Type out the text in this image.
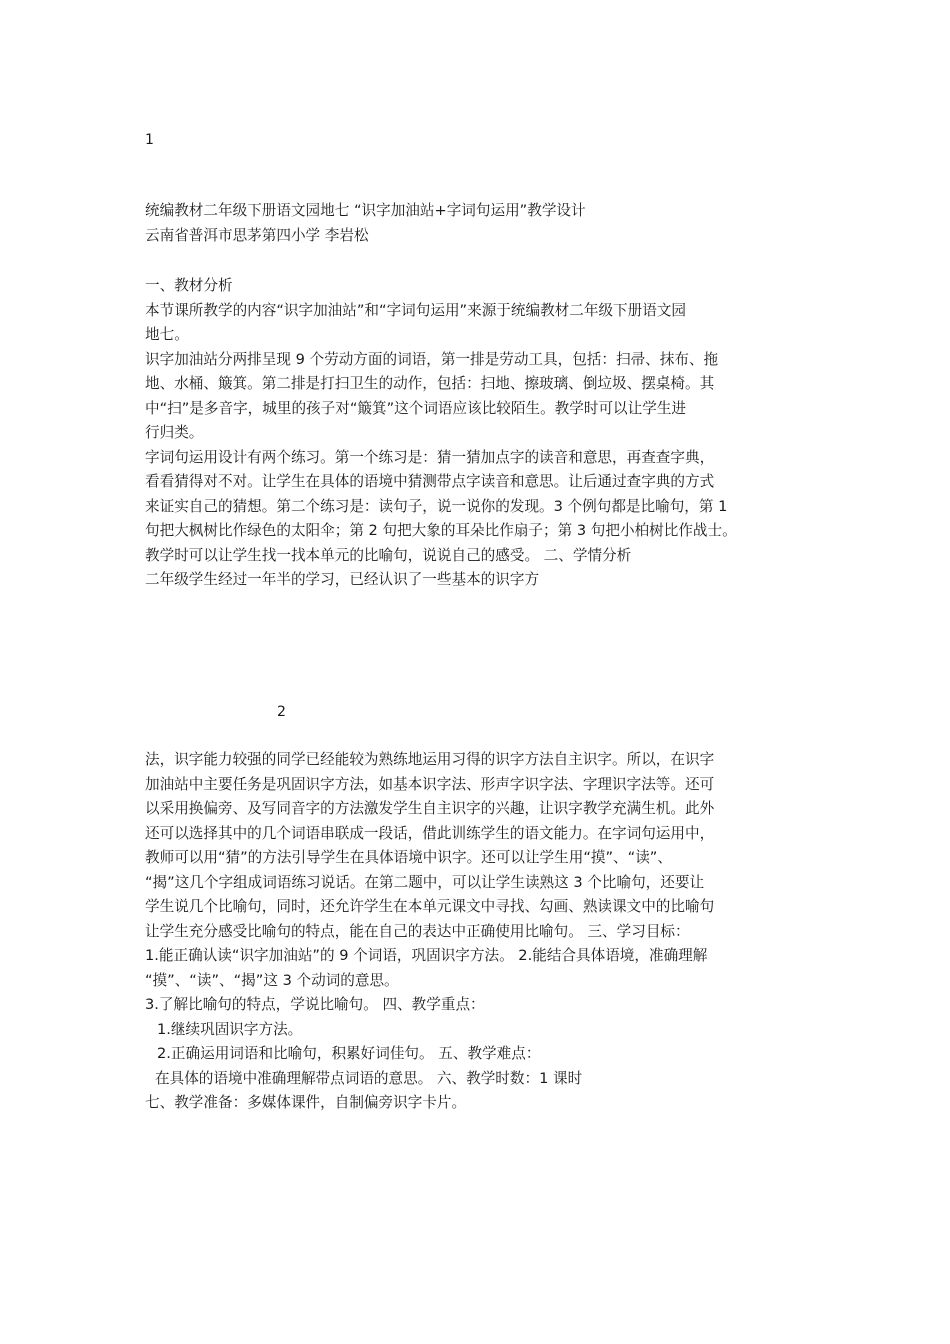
1
统编教材二年级下册语文园地七 “识字加油站+字词句运用”教学设计
云南省普洱市思茅第四小学 李岩松
一、教材分析
本节课所教学的内容“识字加油站”和“字词句运用”来源于统编教材二年级下册语文园
地七。
识字加油站分两排呈现 9 个劳动方面的词语，第一排是劳动工具，包括：扫帚、抹布、拖
地、水桶、簸箕。第二排是打扫卫生的动作，包括：扫地、擦玻璃、倒垃圾、摆桌椅。其
中“扫”是多音字，城里的孩子对“簸箕”这个词语应该比较陌生。教学时可以让学生进
行归类。
字词句运用设计有两个练习。第一个练习是：猜一猜加点字的读音和意思，再查查字典，
看看猜得对不对。让学生在具体的语境中猜测带点字读音和意思。让后通过查字典的方式
来证实自己的猜想。第二个练习是：读句子，说一说你的发现。3 个例句都是比喻句，第 1
句把大枫树比作绿色的太阳伞；第 2 句把大象的耳朵比作扇子；第 3 句把小柏树比作战士。
教学时可以让学生找一找本单元的比喻句，说说自己的感受。 二、学情分析
二年级学生经过一年半的学习，已经认识了一些基本的识字方
2
法，识字能力较强的同学已经能较为熟练地运用习得的识字方法自主识字。所以，在识字
加油站中主要任务是巩固识字方法，如基本识字法、形声字识字法、字理识字法等。还可
以采用换偏旁、及写同音字的方法激发学生自主识字的兴趣，让识字教学充满生机。此外
还可以选择其中的几个词语串联成一段话，借此训练学生的语文能力。在字词句运用中，
教师可以用“猜”的方法引导学生在具体语境中识字。还可以让学生用“摸”、“读”、
“揭”这几个字组成词语练习说话。在第二题中，可以让学生读熟这 3 个比喻句，还要让
学生说几个比喻句，同时，还允许学生在本单元课文中寻找、勾画、熟读课文中的比喻句
让学生充分感受比喻句的特点，能在自己的表达中正确使用比喻句。 三、学习目标：
1.能正确认读“识字加油站”的 9 个词语，巩固识字方法。 2.能结合具体语境，准确理解
“摸”、“读”、“揭”这 3 个动词的意思。
3.了解比喻句的特点，学说比喻句。 四、教学重点：
1.继续巩固识字方法。
2.正确运用词语和比喻句，积累好词佳句。 五、教学难点：
在具体的语境中准确理解带点词语的意思。 六、教学时数：1 课时
七、教学准备：多媒体课件，自制偏旁识字卡片。
